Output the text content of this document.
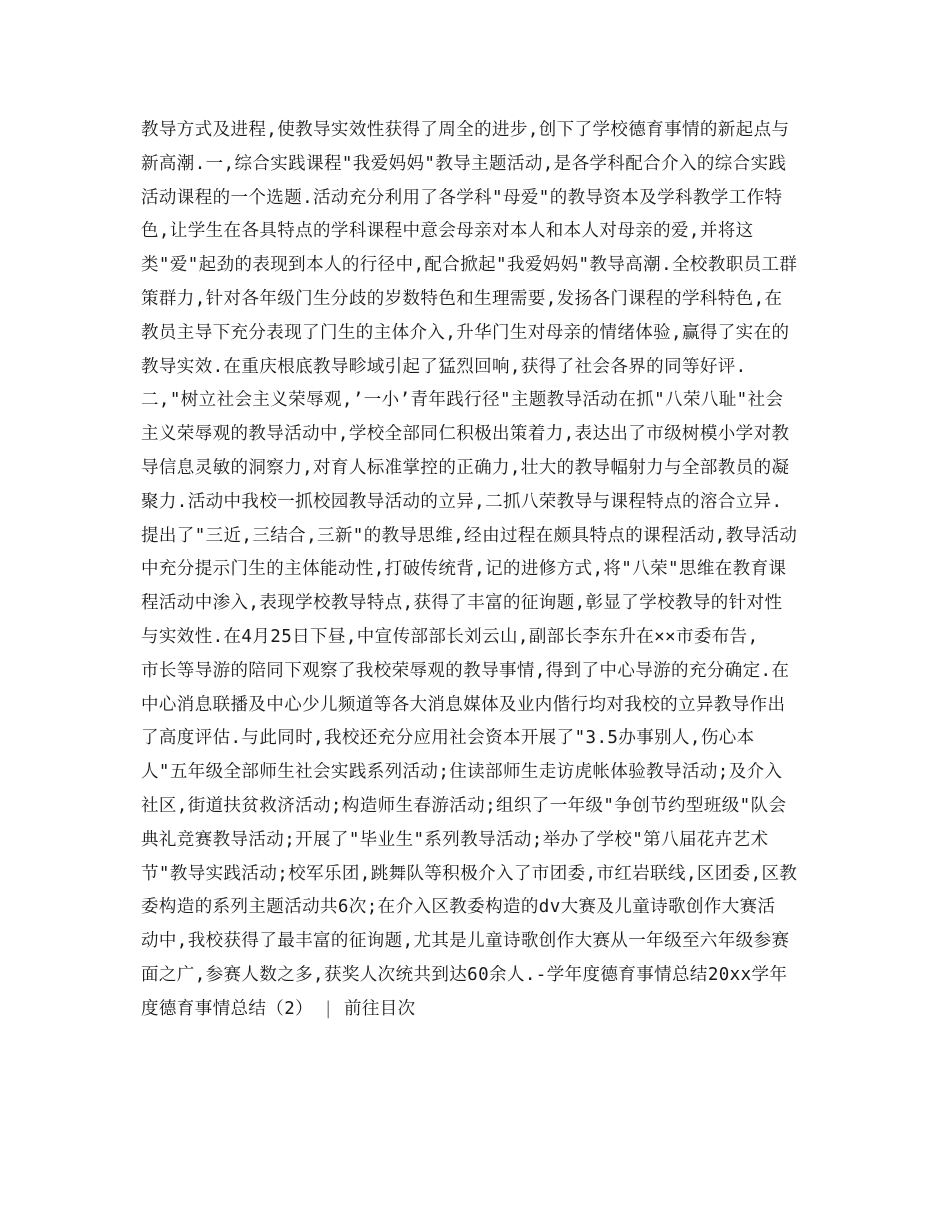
教导方式及进程,使教导实效性获得了周全的进步,创下了学校德育事情的新起点与
新高潮.一,综合实践课程"我爱妈妈"教导主题活动,是各学科配合介入的综合实践
活动课程的一个选题.活动充分利用了各学科"母爱"的教导资本及学科教学工作特
色,让学生在各具特点的学科课程中意会母亲对本人和本人对母亲的爱,并将这
类"爱"起劲的表现到本人的行径中,配合掀起"我爱妈妈"教导高潮.全校教职员工群
策群力,针对各年级门生分歧的岁数特色和生理需要,发扬各门课程的学科特色,在
教员主导下充分表现了门生的主体介入,升华门生对母亲的情绪体验,赢得了实在的
教导实效.在重庆根底教导畛域引起了猛烈回响,获得了社会各界的同等好评.
二,"树立社会主义荣辱观,’一小’青年践行径"主题教导活动在抓"八荣八耻"社会
主义荣辱观的教导活动中,学校全部同仁积极出策着力,表达出了市级树模小学对教
导信息灵敏的洞察力,对育人标准掌控的正确力,壮大的教导幅射力与全部教员的凝
聚力.活动中我校一抓校园教导活动的立异,二抓八荣教导与课程特点的溶合立异.
提出了"三近,三结合,三新"的教导思维,经由过程在颇具特点的课程活动,教导活动
中充分提示门生的主体能动性,打破传统背,记的进修方式,将"八荣"思维在教育课
程活动中渗入,表现学校教导特点,获得了丰富的征询题,彰显了学校教导的针对性
与实效性.在4月25日下昼,中宣传部部长刘云山,副部长李东升在××市委布告,
市长等导游的陪同下观察了我校荣辱观的教导事情,得到了中心导游的充分确定.在
中心消息联播及中心少儿频道等各大消息媒体及业内偕行均对我校的立异教导作出
了高度评估.与此同时,我校还充分应用社会资本开展了"3.5办事别人,伤心本
人"五年级全部师生社会实践系列活动;住读部师生走访虎帐体验教导活动;及介入
社区,街道扶贫救济活动;构造师生春游活动;组织了一年级"争创节约型班级"队会
典礼竞赛教导活动;开展了"毕业生"系列教导活动;举办了学校"第八届花卉艺术
节"教导实践活动;校军乐团,跳舞队等积极介入了市团委,市红岩联线,区团委,区教
委构造的系列主题活动共6次;在介入区教委构造的dv大赛及儿童诗歌创作大赛活
动中,我校获得了最丰富的征询题,尤其是儿童诗歌创作大赛从一年级至六年级参赛
面之广,参赛人数之多,获奖人次统共到达60余人.-学年度德育事情总结20xx学年
度德育事情总结（2） | 前往目次
